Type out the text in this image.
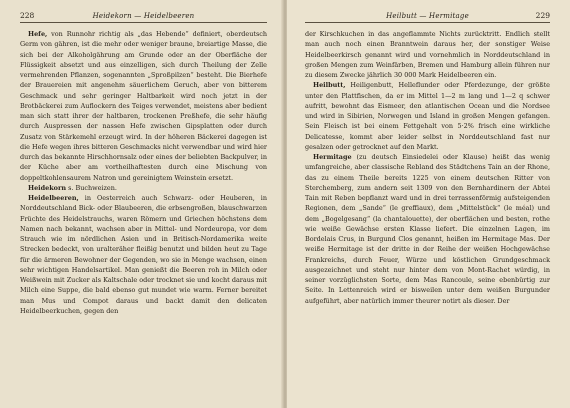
228	Heidekorn — Heidelbeeren

Hefe, von Runnohr richtig als „das Hebende“ definiert, oberdeutsch Germ von gähren, ist die mehr oder weniger braune, breiartige Masse, die sich bei der Alkoholgährung am Grunde oder an der Oberfläche der Flüssigkeit absetzt und aus einzelligen, sich durch Theilung der Zelle vermehrenden Pflanzen, sogenannten „Sproßpilzen“ besteht. Die Bierhefe der Brauereien mit angenehm säuerlichem Geruch, aber von bitterem Geschmack und sehr geringer Haltbarkeit wird noch jetzt in der Brotbäckerei zum Auflockern des Teiges verwendet, meistens aber bedient man sich statt ihrer der haltbaren, trockenen Preßhefe, die sehr häufig durch Auspressen der nassen Hefe zwischen Gipsplatten oder durch Zusatz von Stärkemehl erzeugt wird. In der höheren Bäckerei dagegen ist die Hefe wegen ihres bitteren Geschmacks nicht verwendbar und wird hier durch das bekannte Hirschhornsalz oder eines der beliebten Backpulver, in der Küche aber am vortheilhaftesten durch eine Mischung von doppeltkohlensaurem Natron und gereinigtem Weinstein ersetzt.

Heidekorn s. Buchweizen.

Heidelbeeren, in Oesterreich auch Schwarz- oder Heuberen, in Norddeutschland Bick- oder Blaubeeren, die erbsengroßen, blauschwarzen Früchte des Heidelstrauchs, waren Römern und Griechen höchstens dem Namen nach bekannt, wachsen aber in Mittel- und Nordeuropa, vor dem Strauch wie im nördlichen Asien und in Britisch-Nordamerika weite Strecken bedeckt, von uralteräher fleißig benutzt und bilden heut zu Tage für die ärmeren Bewohner der Gegenden, wo sie in Menge wachsen, einen sehr wichtigen Handelsartikel. Man genießt die Beeren roh in Milch oder Weißwein mit Zucker als Kaltschale oder trocknet sie und kocht daraus mit Milch eine Suppe, die bald ebenso gut mundet wie warm. Ferner bereitet man Mus und Compot daraus und backt damit den delicaten Heidelbeerkuchen, gegen den

Heilbutt — Hermitage	229

der Kirschkuchen in das angeflammte Nichts zurücktritt. Endlich stellt man auch noch einen Branntwein daraus her, der sonstiger Weise Heidelbeerkirsch genannt wird und vornehmlich in Norddeutschland in großen Mengen zum Weinfärben, Bremen und Hamburg allein führen nur zu diesem Zwecke jährlich 30 000 Mark Heidelbeeren ein.

Heilbutt, Heiligenbutt, Helleflunder oder Pferdezunge, der größte unter den Plattfischen, da er im Mittel 1—2 m lang und 1—2 q schwer aufritt, bewohnt das Eismeer, den atlantischen Ocean und die Nordsee und wird in Sibirien, Norwegen und Island in großen Mengen gefangen. Sein Fleisch ist bei einem Fettgehalt von 5·2% frisch eine wirkliche Delicatesse, kommt aber leider selbst in Norddeutschland fast nur gesalzen oder getrocknet auf den Markt.

Hermitage (zu deutsch Einsiedelei oder Klause) heißt das wenig umfangreiche, aber classische Rebland des Städtchens Tain an der Rhone, das zu einem Theile bereits 1225 von einem deutschen Ritter von Sterchemberg, zum andern seit 1309 von den Bernhardinern der Abtei Tain mit Reben bepflanzt ward und in drei terrassenförmig aufsteigenden Regionen, dem „Sande“ (le greffiaux), dem „Mittelstück“ (le méal) und dem „Bogelgesang“ (la chantalouette), der oberflächen und besten, rothe wie weiße Gewächse ersten Klasse liefert. Die einzelnen Lagen, im Bordelais Crus, in Burgund Clos genannt, heißen im Hermitage Mas. Der weiße Hermitage ist der dritte in der Reihe der weißen Hochgewächse Frankreichs, durch Feuer, Würze und köstlichen Grundgeschmack ausgezeichnet und steht nur hinter dem von Mont-Rachet würdig, in seiner vorzüglichsten Sorte, dem Mas Rancoule, seine ebenbürtig zur Seite. In Lettenreich wird er bisweilen unter dem weißen Burgunder aufgeführt, aber natürlich immer theurer notirt als dieser. Der
